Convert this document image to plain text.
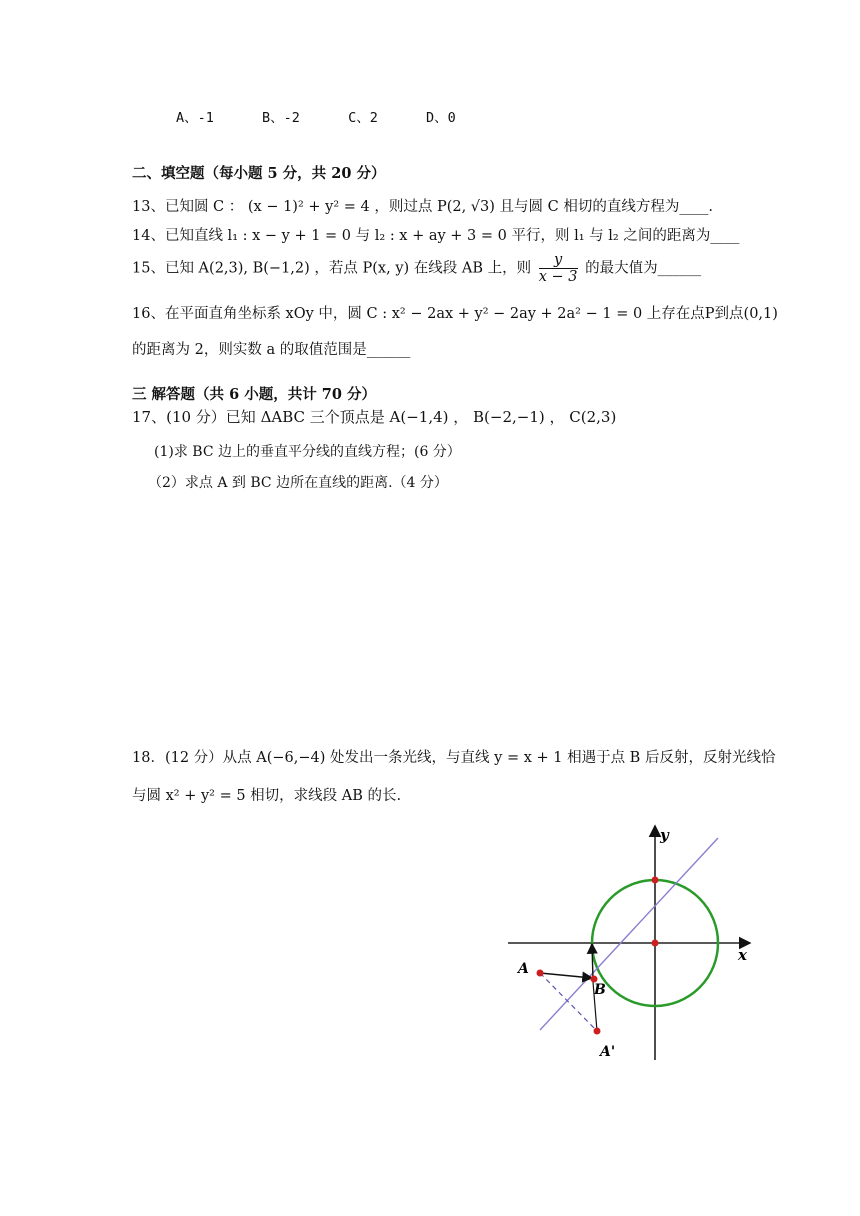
A、-1	B、-2	C、2	D、0
二、填空题（每小题 5 分，共 20 分）
13、已知圆 C ： (x − 1)² + y² = 4 ，则过点 P(2, √3) 且与圆 C 相切的直线方程为____.
14、已知直线 l₁ : x − y + 1 = 0 与 l₂ : x + ay + 3 = 0 平行，则 l₁ 与 l₂ 之间的距离为____
15、已知 A(2,3), B(−1,2) ，若点 P(x, y) 在线段 AB 上，则 $\frac{y}{x - 3}$ 的最大值为______
16、在平面直角坐标系 xOy 中，圆 C : x² − 2ax + y² − 2ay + 2a² − 1 = 0 上存在点P到点(0,1)
的距离为 2，则实数 a 的取值范围是______
三 解答题（共 6 小题，共计 70 分）
17、(10 分）已知 ΔABC 三个顶点是 A(−1,4) ， B(−2,−1) ， C(2,3)
(1)求 BC 边上的垂直平分线的直线方程；(6 分）
（2）求点 A 到 BC 边所在直线的距离.（4 分）
18．(12 分）从点 A(−6,−4) 处发出一条光线，与直线 y = x + 1 相遇于点 B 后反射，反射光线恰
与圆 x² + y² = 5 相切，求线段 AB 的长.
x
y
A
B
A'
